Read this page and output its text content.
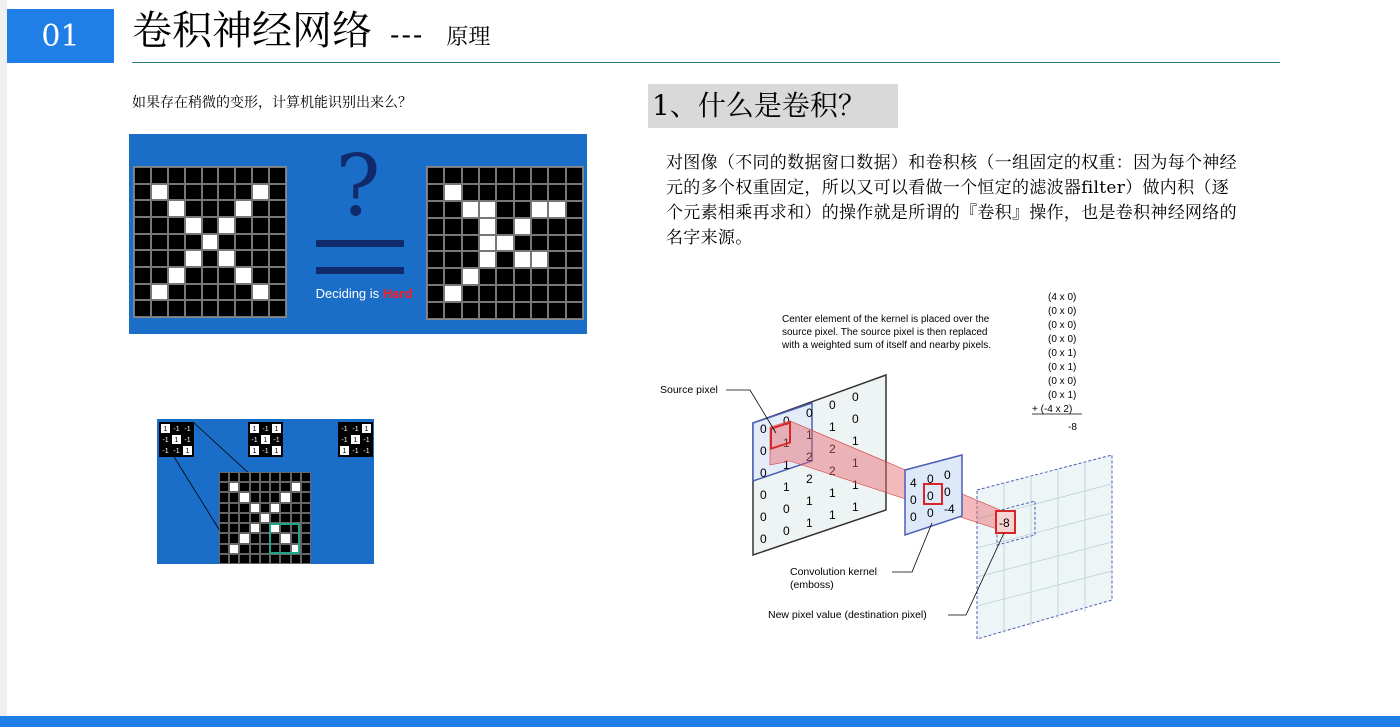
01 卷积神经网络 --- 原理
如果存在稍微的变形，计算机能识别出来么？
?
Deciding is Hard
1 -1 -1
-1 1 -1
-1 -1 1
1 -1 1
-1 1 -1
1 -1 1
-1 -1 1
-1 1 -1
1 -1 -1
1、什么是卷积？
对图像（不同的数据窗口数据）和卷积核（一组固定的权重：因为每个神经
元的多个权重固定，所以又可以看做一个恒定的滤波器filter）做内积（逐
个元素相乘再求和）的操作就是所谓的『卷积』操作，也是卷积神经网络的
名字来源。
Center element of the kernel is placed over the
source pixel. The source pixel is then replaced
with a weighted sum of itself and nearby pixels.
(4 x 0)
(0 x 0)
(0 x 0)
(0 x 0)
(0 x 1)
(0 x 1)
(0 x 0)
(0 x 1)
+ (-4 x 2)
-8
0
0
0
0
0
0
1
1
1
0
0
1
2
2
1
0
1
2
2
1
0
0
1
1
1
0
0
1
1
1
4 0 0
0 0 0
0 0 -4
-8
Source pixel
Convolution kernel
(emboss)
New pixel value (destination pixel)
